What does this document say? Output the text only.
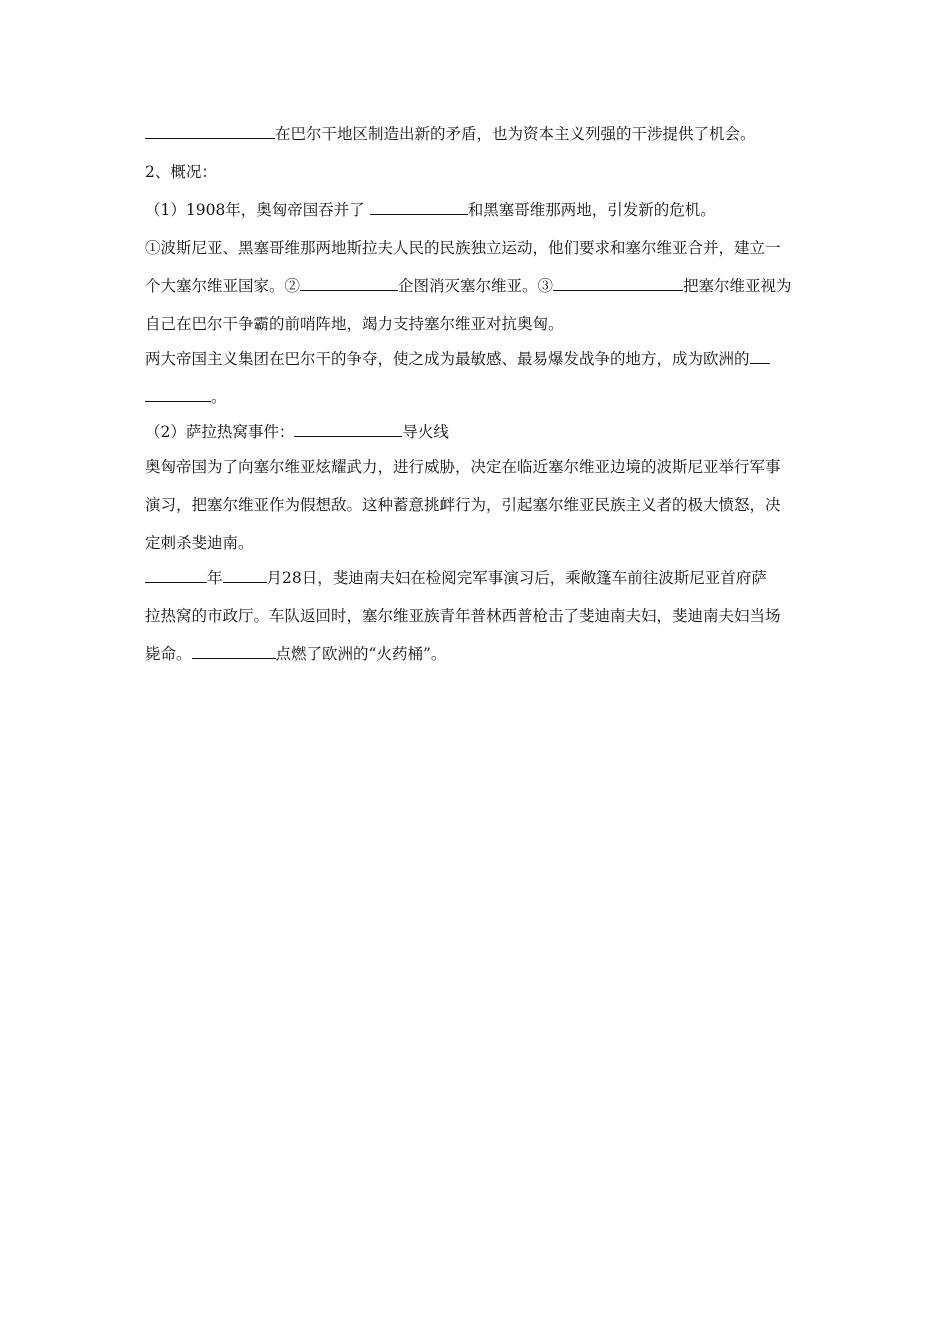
在巴尔干地区制造出新的矛盾，也为资本主义列强的干涉提供了机会。
2、概况：
（1）1908年，奥匈帝国吞并了	和黑塞哥维那两地，引发新的危机。
①波斯尼亚、黑塞哥维那两地斯拉夫人民的民族独立运动，他们要求和塞尔维亚合并，建立一
个大塞尔维亚国家。②	企图消灭塞尔维亚。③	把塞尔维亚视为
自己在巴尔干争霸的前哨阵地，竭力支持塞尔维亚对抗奥匈。
两大帝国主义集团在巴尔干的争夺，使之成为最敏感、最易爆发战争的地方，成为欧洲的
。
（2）萨拉热窝事件：	导火线
奥匈帝国为了向塞尔维亚炫耀武力，进行威胁，决定在临近塞尔维亚边境的波斯尼亚举行军事
演习，把塞尔维亚作为假想敌。这种蓄意挑衅行为，引起塞尔维亚民族主义者的极大愤怒，决
定刺杀斐迪南。
年	月28日，斐迪南夫妇在检阅完军事演习后，乘敞篷车前往波斯尼亚首府萨
拉热窝的市政厅。车队返回时，塞尔维亚族青年普林西普枪击了斐迪南夫妇，斐迪南夫妇当场
毙命。	点燃了欧洲的“火药桶”。
